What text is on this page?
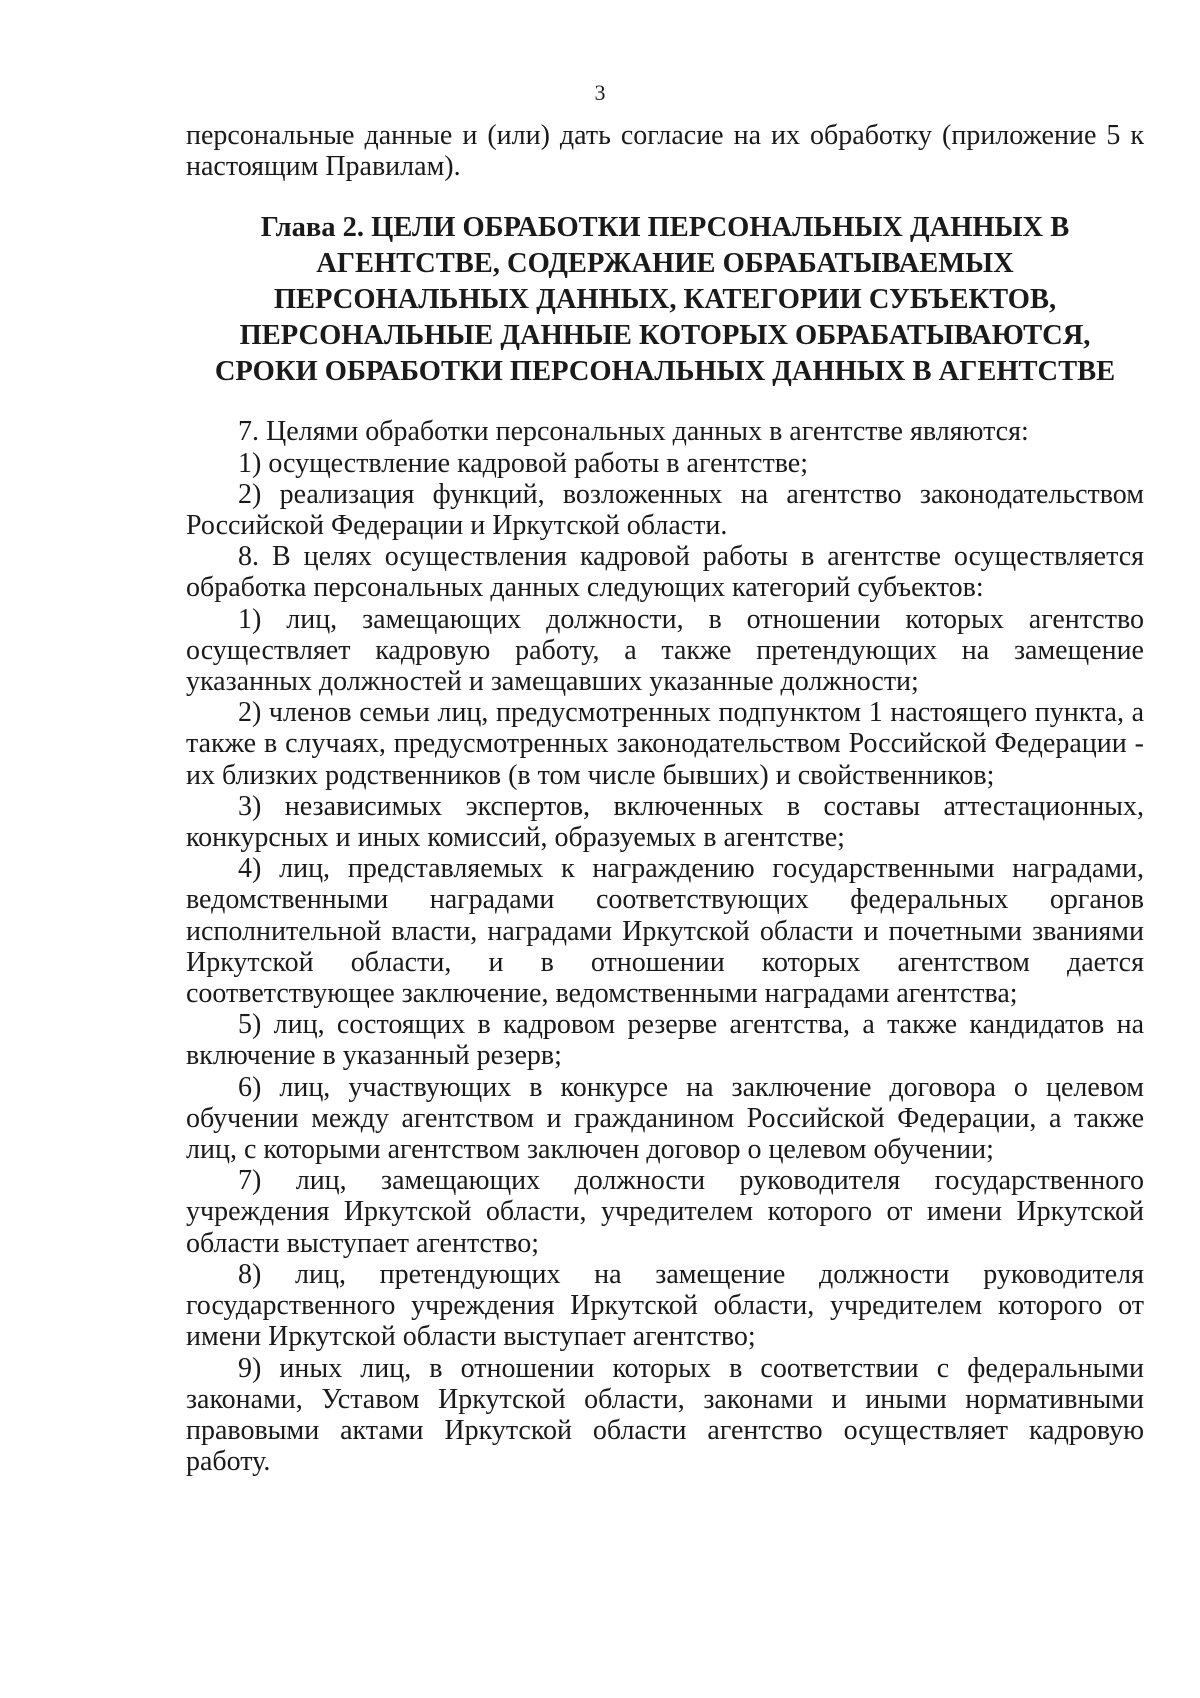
3

персональные данные и (или) дать согласие на их обработку (приложение 5 к настоящим Правилам).

Глава 2. ЦЕЛИ ОБРАБОТКИ ПЕРСОНАЛЬНЫХ ДАННЫХ В АГЕНТСТВЕ, СОДЕРЖАНИЕ ОБРАБАТЫВАЕМЫХ ПЕРСОНАЛЬНЫХ ДАННЫХ, КАТЕГОРИИ СУБЪЕКТОВ, ПЕРСОНАЛЬНЫЕ ДАННЫЕ КОТОРЫХ ОБРАБАТЫВАЮТСЯ, СРОКИ ОБРАБОТКИ ПЕРСОНАЛЬНЫХ ДАННЫХ В АГЕНТСТВЕ

7. Целями обработки персональных данных в агентстве являются:

1) осуществление кадровой работы в агентстве;

2) реализация функций, возложенных на агентство законодательством Российской Федерации и Иркутской области.

8. В целях осуществления кадровой работы в агентстве осуществляется обработка персональных данных следующих категорий субъектов:

1) лиц, замещающих должности, в отношении которых агентство осуществляет кадровую работу, а также претендующих на замещение указанных должностей и замещавших указанные должности;

2) членов семьи лиц, предусмотренных подпунктом 1 настоящего пункта, а также в случаях, предусмотренных законодательством Российской Федерации - их близких родственников (в том числе бывших) и свойственников;

3) независимых экспертов, включенных в составы аттестационных, конкурсных и иных комиссий, образуемых в агентстве;

4) лиц, представляемых к награждению государственными наградами, ведомственными наградами соответствующих федеральных органов исполнительной власти, наградами Иркутской области и почетными званиями Иркутской области, и в отношении которых агентством дается соответствующее заключение, ведомственными наградами агентства;

5) лиц, состоящих в кадровом резерве агентства, а также кандидатов на включение в указанный резерв;

6) лиц, участвующих в конкурсе на заключение договора о целевом обучении между агентством и гражданином Российской Федерации, а также лиц, с которыми агентством заключен договор о целевом обучении;

7) лиц, замещающих должности руководителя государственного учреждения Иркутской области, учредителем которого от имени Иркутской области выступает агентство;

8) лиц, претендующих на замещение должности руководителя государственного учреждения Иркутской области, учредителем которого от имени Иркутской области выступает агентство;

9) иных лиц, в отношении которых в соответствии с федеральными законами, Уставом Иркутской области, законами и иными нормативными правовыми актами Иркутской области агентство осуществляет кадровую работу.
